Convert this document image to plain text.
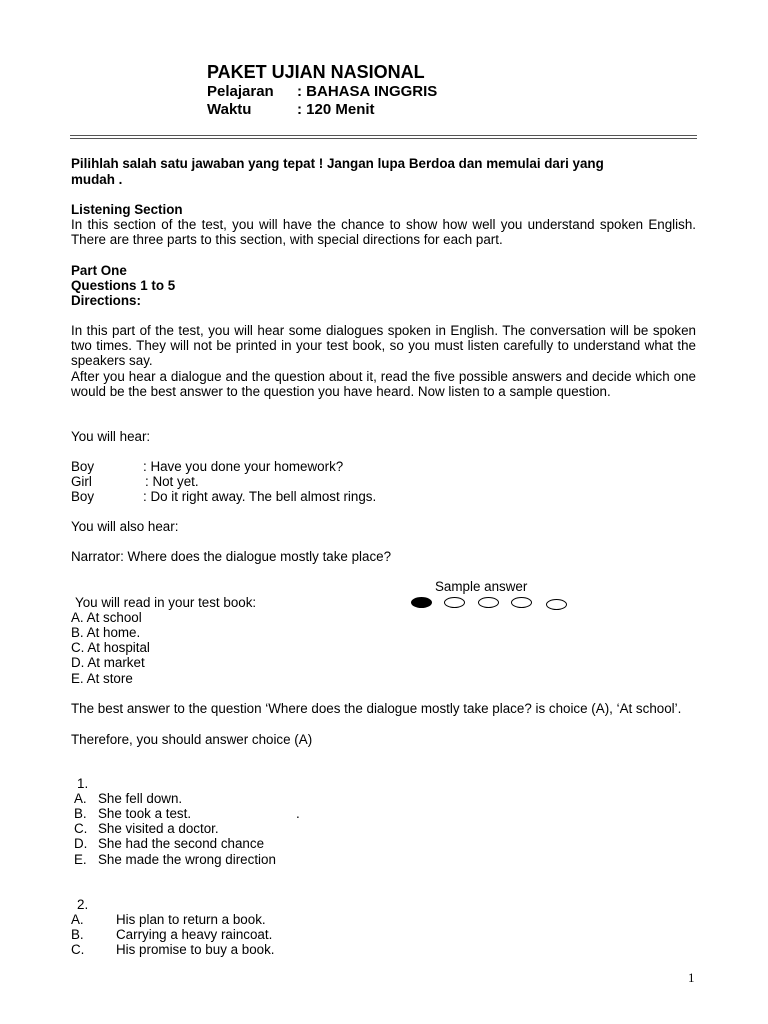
PAKET UJIAN NASIONAL
Pelajaran : BAHASA INGGRIS
Waktu	: 120 Menit
Pilihlah salah satu jawaban yang tepat ! Jangan lupa Berdoa dan memulai dari yang
mudah .
Listening Section
In this section of the test, you will have the chance to show how well you understand spoken English. There are three parts to this section, with special directions for each part.
Part One
Questions 1 to 5
Directions:
In this part of the test, you will hear some dialogues spoken in English. The conversation will be spoken two times. They will not be printed in your test book, so you must listen carefully to understand what the speakers say.
After you hear a dialogue and the question about it, read the five possible answers and decide which one would be the best answer to the question you have heard. Now listen to a sample question.
You will hear:
Boy	: Have you done your homework?
Girl	: Not yet.
Boy	: Do it right away. The bell almost rings.
You will also hear:
Narrator: Where does the dialogue mostly take place?
Sample answer
You will read in your test book:
A. At school
B. At home.
C. At hospital
D. At market
E. At store
The best answer to the question ‘Where does the dialogue mostly take place? is choice (A), ‘At school’.
Therefore, you should answer choice (A)
1.
A. She fell down.
B. She took a test.	.
C. She visited a doctor.
D. She had the second chance
E. She made the wrong direction
2.
A. His plan to return a book.
B. Carrying a heavy raincoat.
C. His promise to buy a book.
1
